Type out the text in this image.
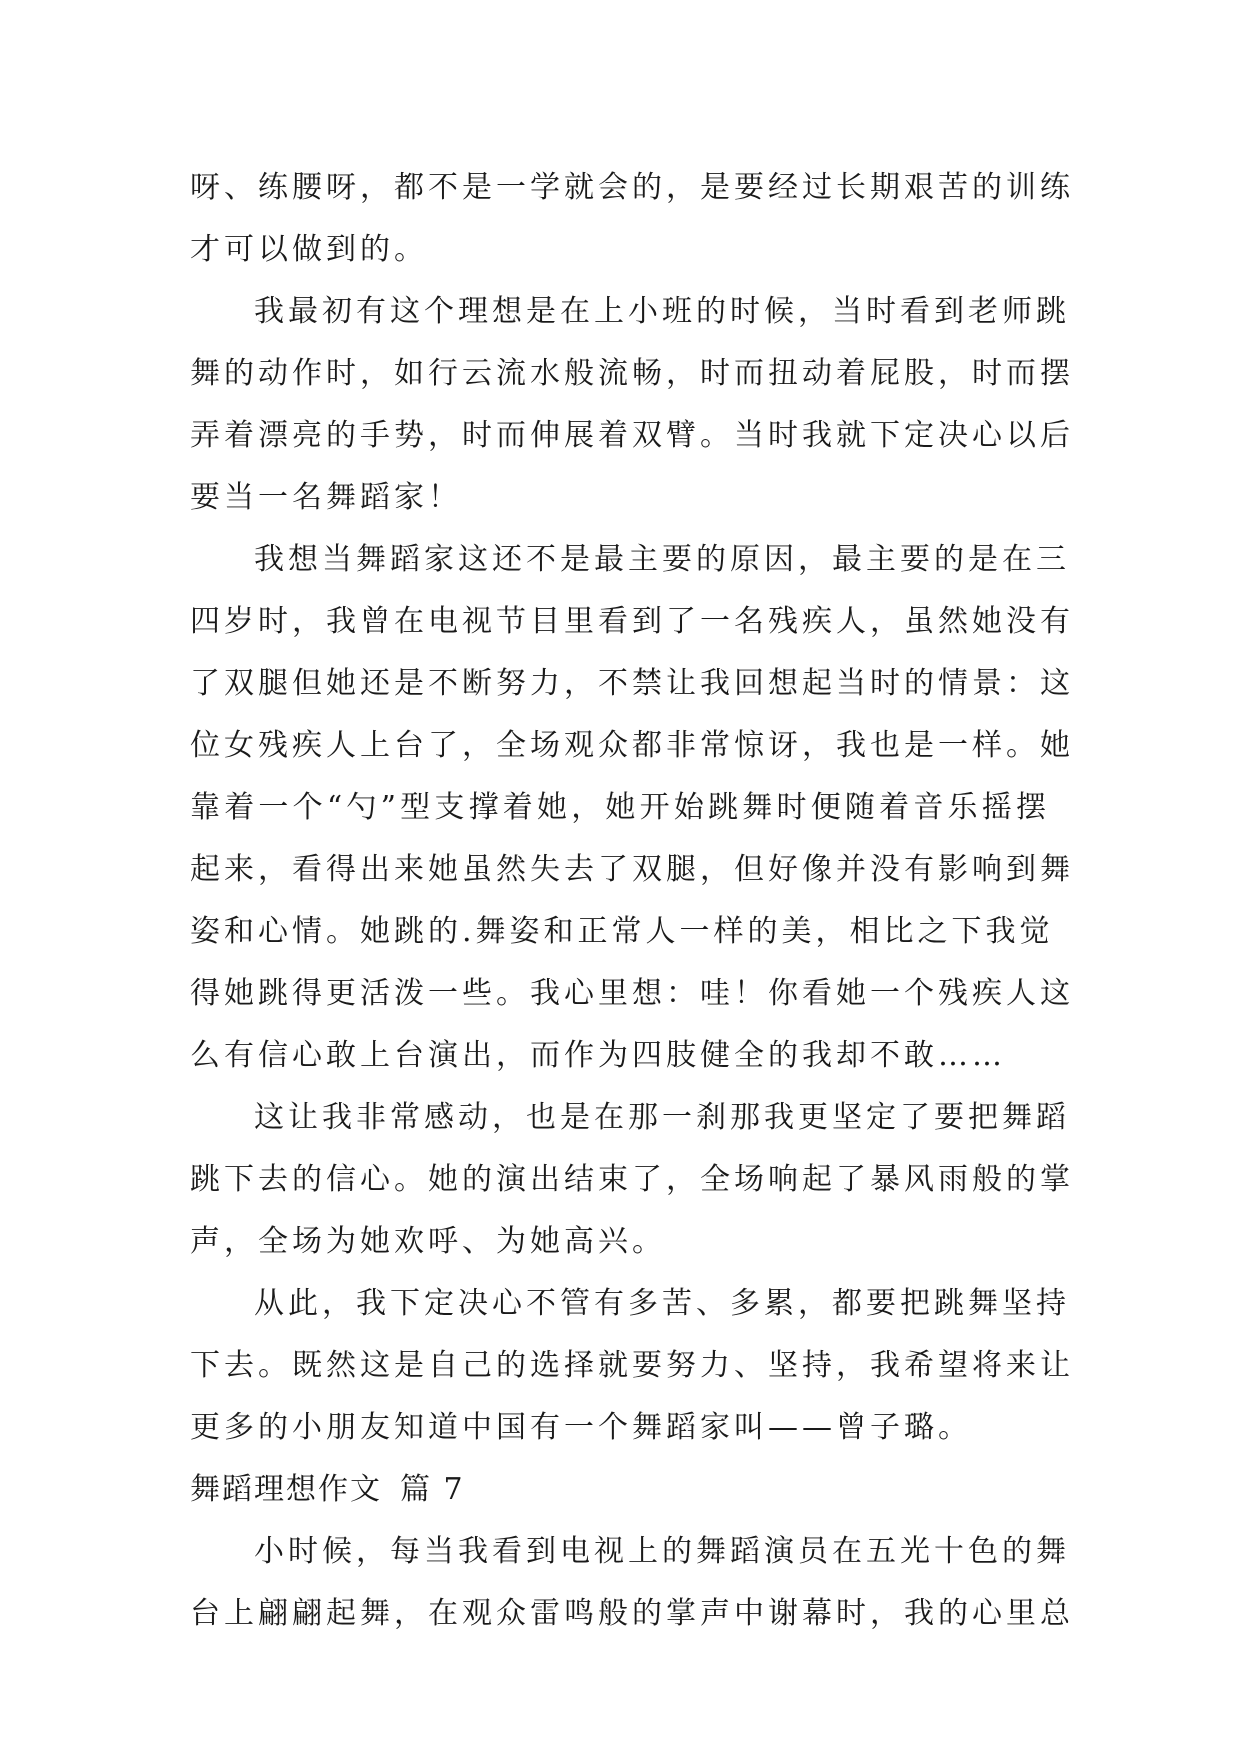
呀、练腰呀，都不是一学就会的，是要经过长期艰苦的训练
才可以做到的。
我最初有这个理想是在上小班的时候，当时看到老师跳
舞的动作时，如行云流水般流畅，时而扭动着屁股，时而摆
弄着漂亮的手势，时而伸展着双臂。当时我就下定决心以后
要当一名舞蹈家！
我想当舞蹈家这还不是最主要的原因，最主要的是在三
四岁时，我曾在电视节目里看到了一名残疾人，虽然她没有
了双腿但她还是不断努力，不禁让我回想起当时的情景：这
位女残疾人上台了，全场观众都非常惊讶，我也是一样。她
靠着一个“勺”型支撑着她，她开始跳舞时便随着音乐摇摆
起来，看得出来她虽然失去了双腿，但好像并没有影响到舞
姿和心情。她跳的.舞姿和正常人一样的美，相比之下我觉
得她跳得更活泼一些。我心里想：哇！你看她一个残疾人这
么有信心敢上台演出，而作为四肢健全的我却不敢……
这让我非常感动，也是在那一刹那我更坚定了要把舞蹈
跳下去的信心。她的演出结束了，全场响起了暴风雨般的掌
声，全场为她欢呼、为她高兴。
从此，我下定决心不管有多苦、多累，都要把跳舞坚持
下去。既然这是自己的选择就要努力、坚持，我希望将来让
更多的小朋友知道中国有一个舞蹈家叫——曾子璐。
舞蹈理想作文 篇 7
小时候，每当我看到电视上的舞蹈演员在五光十色的舞
台上翩翩起舞，在观众雷鸣般的掌声中谢幕时，我的心里总
